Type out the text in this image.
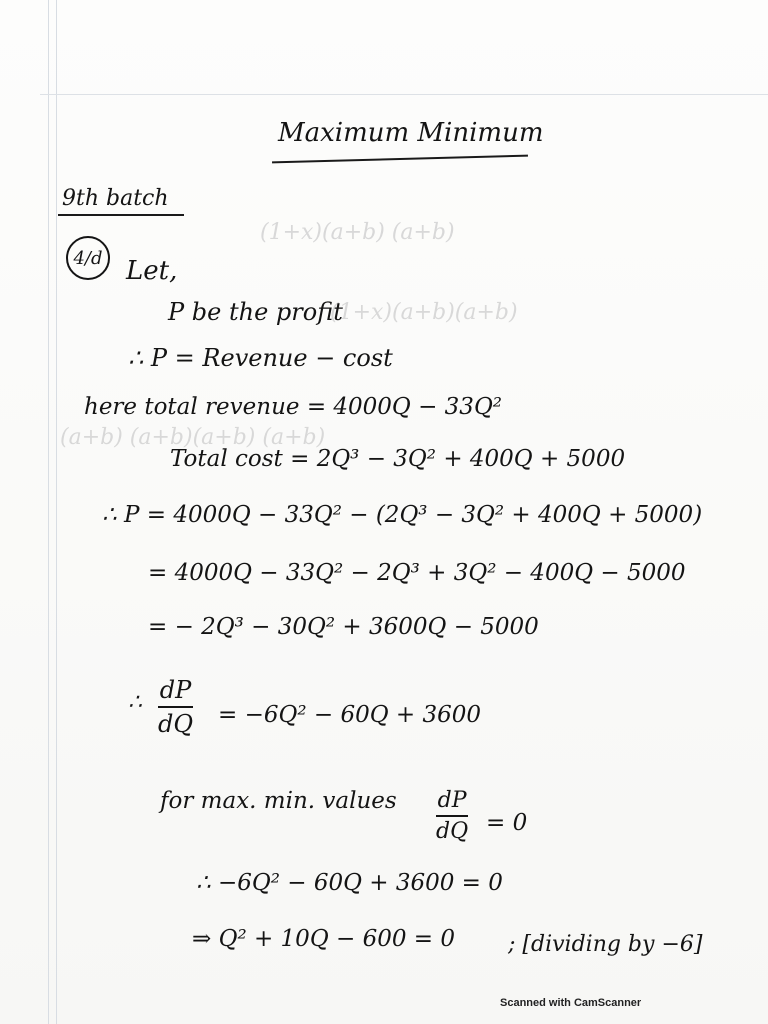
(1+x)(a+b) (a+b)
(1+x)(a+b)(a+b)
(a+b) (a+b)(a+b) (a+b)
Maximum Minimum
9th batch
4/d Let,
P be the profit
∴ P = Revenue − cost
here total revenue = 4000Q − 33Q²
Total cost = 2Q³ − 3Q² + 400Q + 5000
∴ P = 4000Q − 33Q² − (2Q³ − 3Q² + 400Q + 5000)
= 4000Q − 33Q² − 2Q³ + 3Q² − 400Q − 5000
= − 2Q³ − 30Q² + 3600Q − 5000
∴ dP
dQ = −6Q² − 60Q + 3600
for max. min. values dP
dQ = 0
∴ −6Q² − 60Q + 3600 = 0
⇒ Q² + 10Q − 600 = 0 ; [dividing by −6]
Scanned with CamScanner
